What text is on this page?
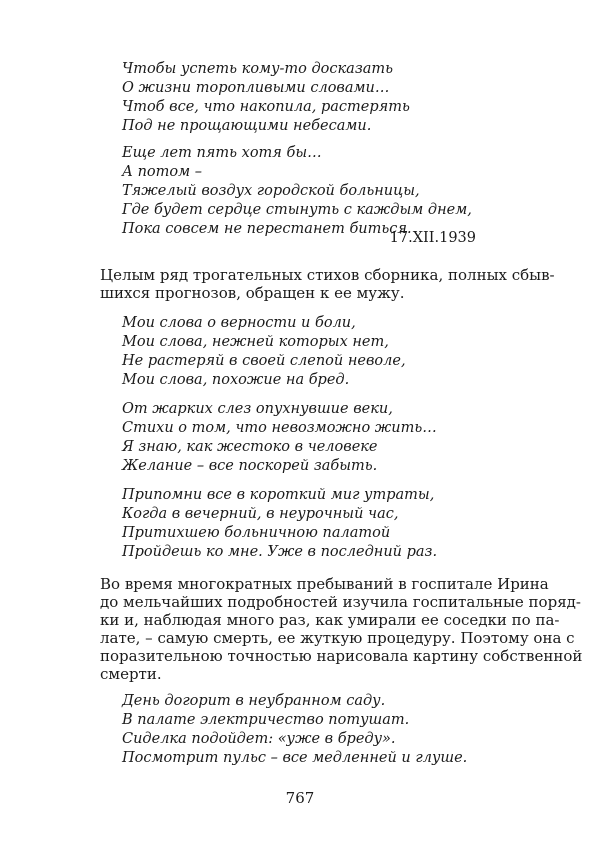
Чтобы успеть кому-то досказать
О жизни торопливыми словами…
Чтоб все, что накопила, растерять
Под не прощающими небесами.
Еще лет пять хотя бы…
А потом –
Тяжелый воздух городской больницы,
Где будет сердце стынуть с каждым днем,
Пока совсем не перестанет биться.
17.XII.1939
Целым ряд трогательных стихов сборника, полных сбыв-
шихся прогнозов, обращен к ее мужу.
Мои слова о верности и боли,
Мои слова, нежней которых нет,
Не растеряй в своей слепой неволе,
Мои слова, похожие на бред.
От жарких слез опухнувшие веки,
Стихи о том, что невозможно жить…
Я знаю, как жестоко в человеке
Желание – все поскорей забыть.
Припомни все в короткий миг утраты,
Когда в вечерний, в неурочный час,
Притихшею больничною палатой
Пройдешь ко мне. Уже в последний раз.
Во время многократных пребываний в госпитале Ирина
до мельчайших подробностей изучила госпитальные поряд-
ки и, наблюдая много раз, как умирали ее соседки по па-
лате, – самую смерть, ее жуткую процедуру. Поэтому она с
поразительною точностью нарисовала картину собственной
смерти.
День догорит в неубранном саду.
В палате электричество потушат.
Сиделка подойдет: «уже в бреду».
Посмотрит пульс – все медленней и глуше.
767
